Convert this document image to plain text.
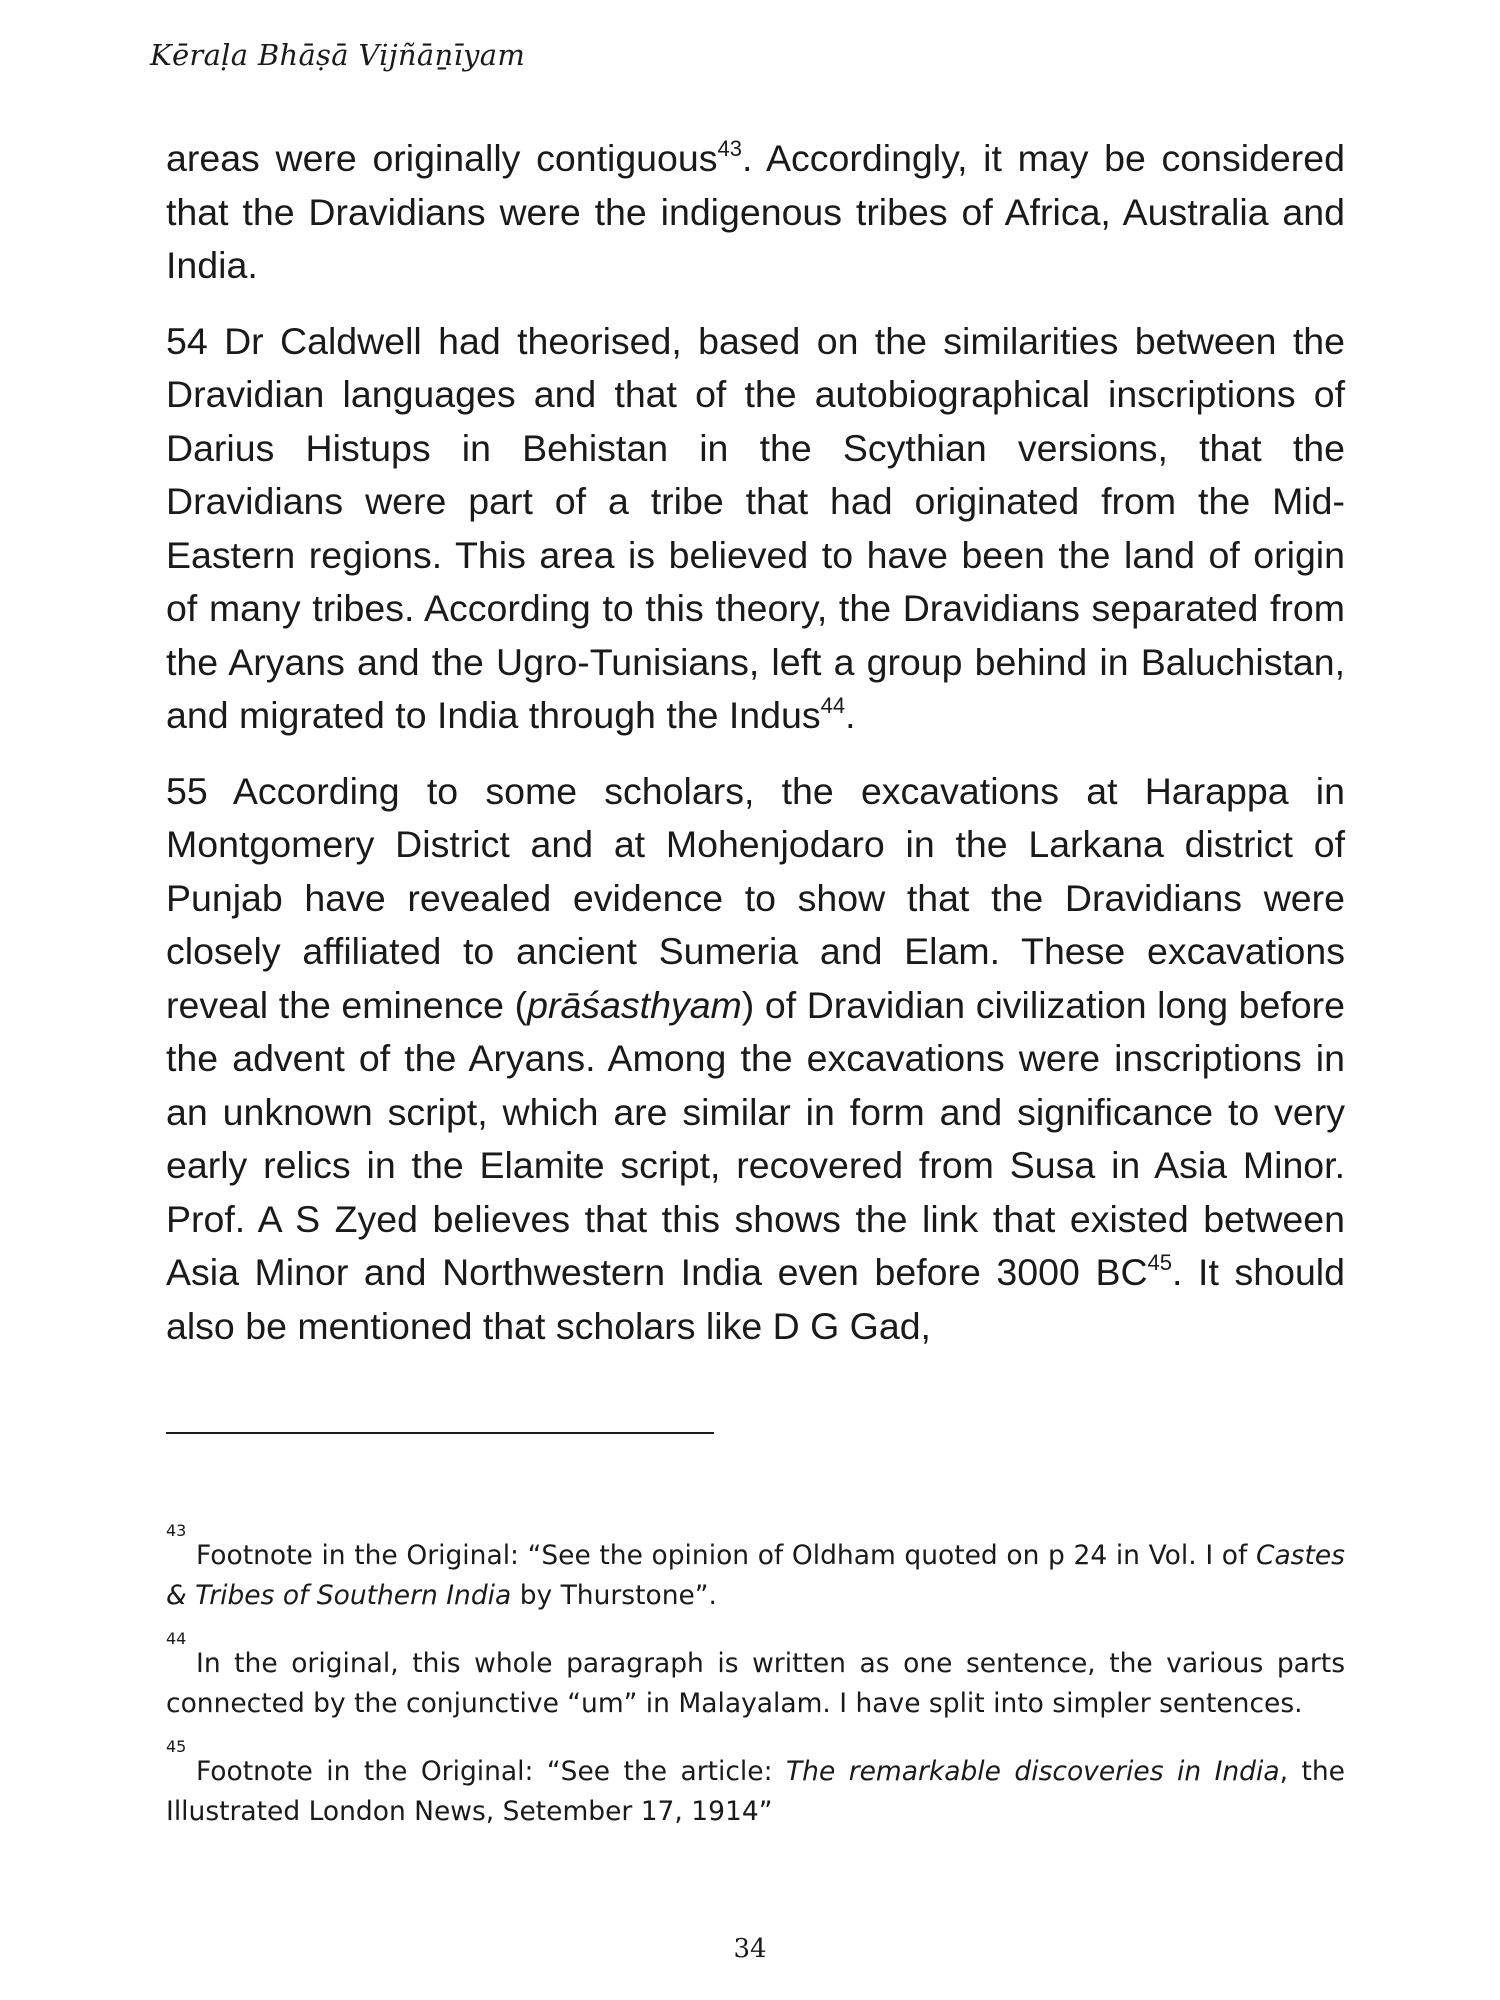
Kēraḷa Bhāṣā Vijñāṉīyam

areas were originally contiguous$^{43}$. Accordingly, it may be considered that the Dravidians were the indigenous tribes of Africa, Australia and India.

54 Dr Caldwell had theorised, based on the similarities between the Dravidian languages and that of the autobiographical inscriptions of Darius Histups in Behistan in the Scythian versions, that the Dravidians were part of a tribe that had originated from the Mid-Eastern regions. This area is believed to have been the land of origin of many tribes. According to this theory, the Dravidians separated from the Aryans and the Ugro-Tunisians, left a group behind in Baluchistan, and migrated to India through the Indus$^{44}$.

55 According to some scholars, the excavations at Harappa in Montgomery District and at Mohenjodaro in the Larkana district of Punjab have revealed evidence to show that the Dravidians were closely affiliated to ancient Sumeria and Elam. These excavations reveal the eminence (prāśasthyam) of Dravidian civilization long before the advent of the Aryans. Among the excavations were inscriptions in an unknown script, which are similar in form and significance to very early relics in the Elamite script, recovered from Susa in Asia Minor. Prof. A S Zyed believes that this shows the link that existed between Asia Minor and Northwestern India even before 3000 BC$^{45}$. It should also be mentioned that scholars like D G Gad,

43
Footnote in the Original: “See the opinion of Oldham quoted on p 24 in Vol. I of Castes & Tribes of Southern India by Thurstone”.
44
In the original, this whole paragraph is written as one sentence, the various parts connected by the conjunctive “um” in Malayalam. I have split into simpler sentences.
45
Footnote in the Original: “See the article: The remarkable discoveries in India, the Illustrated London News, Setember 17, 1914”
34
